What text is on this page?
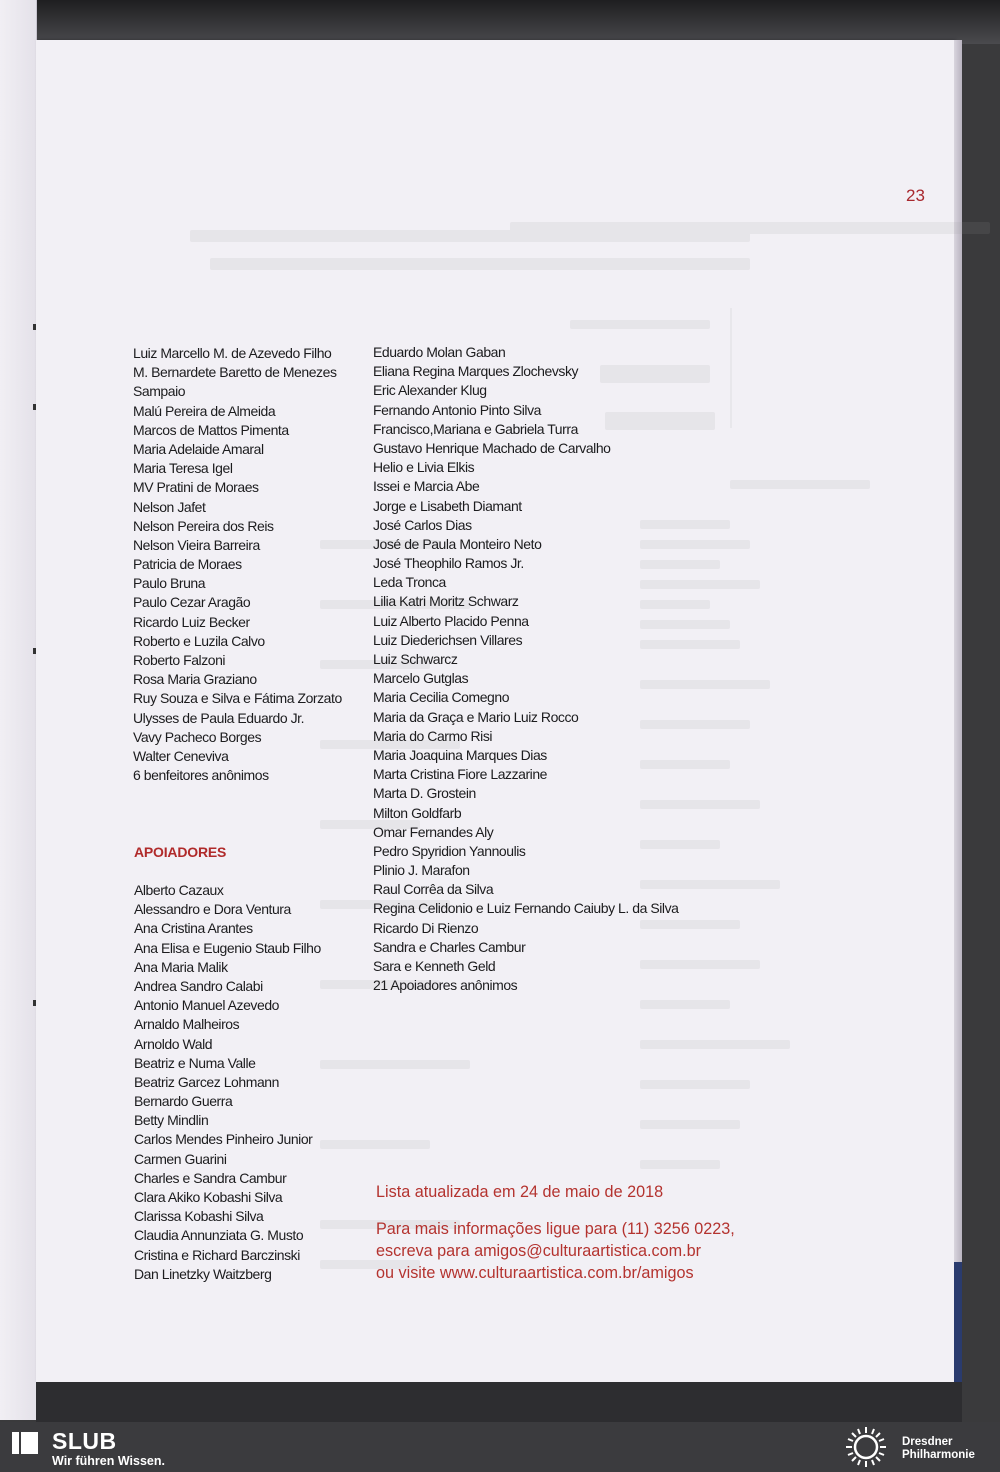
23
Luiz Marcello M. de Azevedo Filho
M. Bernardete Baretto de Menezes
Sampaio
Malú Pereira de Almeida
Marcos de Mattos Pimenta
Maria Adelaide Amaral
Maria Teresa Igel
MV Pratini de Moraes
Nelson Jafet
Nelson Pereira dos Reis
Nelson Vieira Barreira
Patricia de Moraes
Paulo Bruna
Paulo Cezar Aragão
Ricardo Luiz Becker
Roberto e Luzila Calvo
Roberto Falzoni
Rosa Maria Graziano
Ruy Souza e Silva e Fátima Zorzato
Ulysses de Paula Eduardo Jr.
Vavy Pacheco Borges
Walter Ceneviva
6 benfeitores anônimos
APOIADORES
Alberto Cazaux
Alessandro e Dora Ventura
Ana Cristina Arantes
Ana Elisa e Eugenio Staub Filho
Ana Maria Malik
Andrea Sandro Calabi
Antonio Manuel Azevedo
Arnaldo Malheiros
Arnoldo Wald
Beatriz e Numa Valle
Beatriz Garcez Lohmann
Bernardo Guerra
Betty Mindlin
Carlos Mendes Pinheiro Junior
Carmen Guarini
Charles e Sandra Cambur
Clara Akiko Kobashi Silva
Clarissa Kobashi Silva
Claudia Annunziata G. Musto
Cristina e Richard Barczinski
Dan Linetzky Waitzberg
Eduardo Molan Gaban
Eliana Regina Marques Zlochevsky
Eric Alexander Klug
Fernando Antonio Pinto Silva
Francisco,Mariana e Gabriela Turra
Gustavo Henrique Machado de Carvalho
Helio e Livia Elkis
Issei e Marcia Abe
Jorge e Lisabeth Diamant
José Carlos Dias
José de Paula Monteiro Neto
José Theophilo Ramos Jr.
Leda Tronca
Lilia Katri Moritz Schwarz
Luiz Alberto Placido Penna
Luiz Diederichsen Villares
Luiz Schwarcz
Marcelo Gutglas
Maria Cecilia Comegno
Maria da Graça e Mario Luiz Rocco
Maria do Carmo Risi
Maria Joaquina Marques Dias
Marta Cristina Fiore Lazzarine
Marta D. Grostein
Milton Goldfarb
Omar Fernandes Aly
Pedro Spyridion Yannoulis
Plinio J. Marafon
Raul Corrêa da Silva
Regina Celidonio e Luiz Fernando Caiuby L. da Silva
Ricardo Di Rienzo
Sandra e Charles Cambur
Sara e Kenneth Geld
21 Apoiadores anônimos
Lista atualizada em 24 de maio de 2018
Para mais informações ligue para (11) 3256 0223,
escreva para amigos@culturaartistica.com.br
ou visite www.culturaartistica.com.br/amigos
SLUB
Wir führen Wissen.
Dresdner
Philharmonie
